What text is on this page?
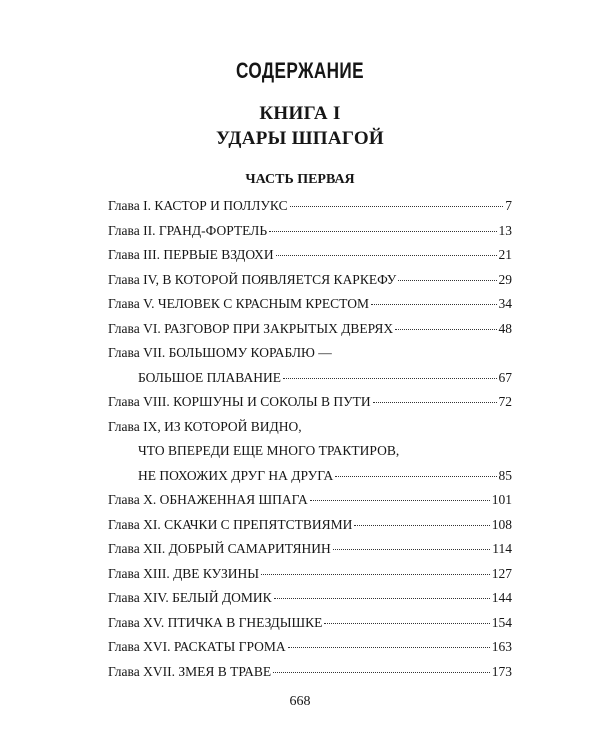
СОДЕРЖАНИЕ
КНИГА I
УДАРЫ ШПАГОЙ
ЧАСТЬ ПЕРВАЯ
Глава I. КАСТОР И ПОЛЛУКС	7
Глава II. ГРАНД-ФОРТЕЛЬ	13
Глава III. ПЕРВЫЕ ВЗДОХИ	21
Глава IV, В КОТОРОЙ ПОЯВЛЯЕТСЯ КАРКЕФУ	29
Глава V. ЧЕЛОВЕК С КРАСНЫМ КРЕСТОМ	34
Глава VI. РАЗГОВОР ПРИ ЗАКРЫТЫХ ДВЕРЯХ	48
Глава VII. БОЛЬШОМУ КОРАБЛЮ —
БОЛЬШОЕ ПЛАВАНИЕ	67
Глава VIII. КОРШУНЫ И СОКОЛЫ В ПУТИ	72
Глава IX, ИЗ КОТОРОЙ ВИДНО,
ЧТО ВПЕРЕДИ ЕЩЕ МНОГО ТРАКТИРОВ,
НЕ ПОХОЖИХ ДРУГ НА ДРУГА	85
Глава X. ОБНАЖЕННАЯ ШПАГА	101
Глава XI. СКАЧКИ С ПРЕПЯТСТВИЯМИ	108
Глава XII. ДОБРЫЙ САМАРИТЯНИН	114
Глава XIII. ДВЕ КУЗИНЫ	127
Глава XIV. БЕЛЫЙ ДОМИК	144
Глава XV. ПТИЧКА В ГНЕЗДЫШКЕ	154
Глава XVI. РАСКАТЫ ГРОМА	163
Глава XVII. ЗМЕЯ В ТРАВЕ	173
668
